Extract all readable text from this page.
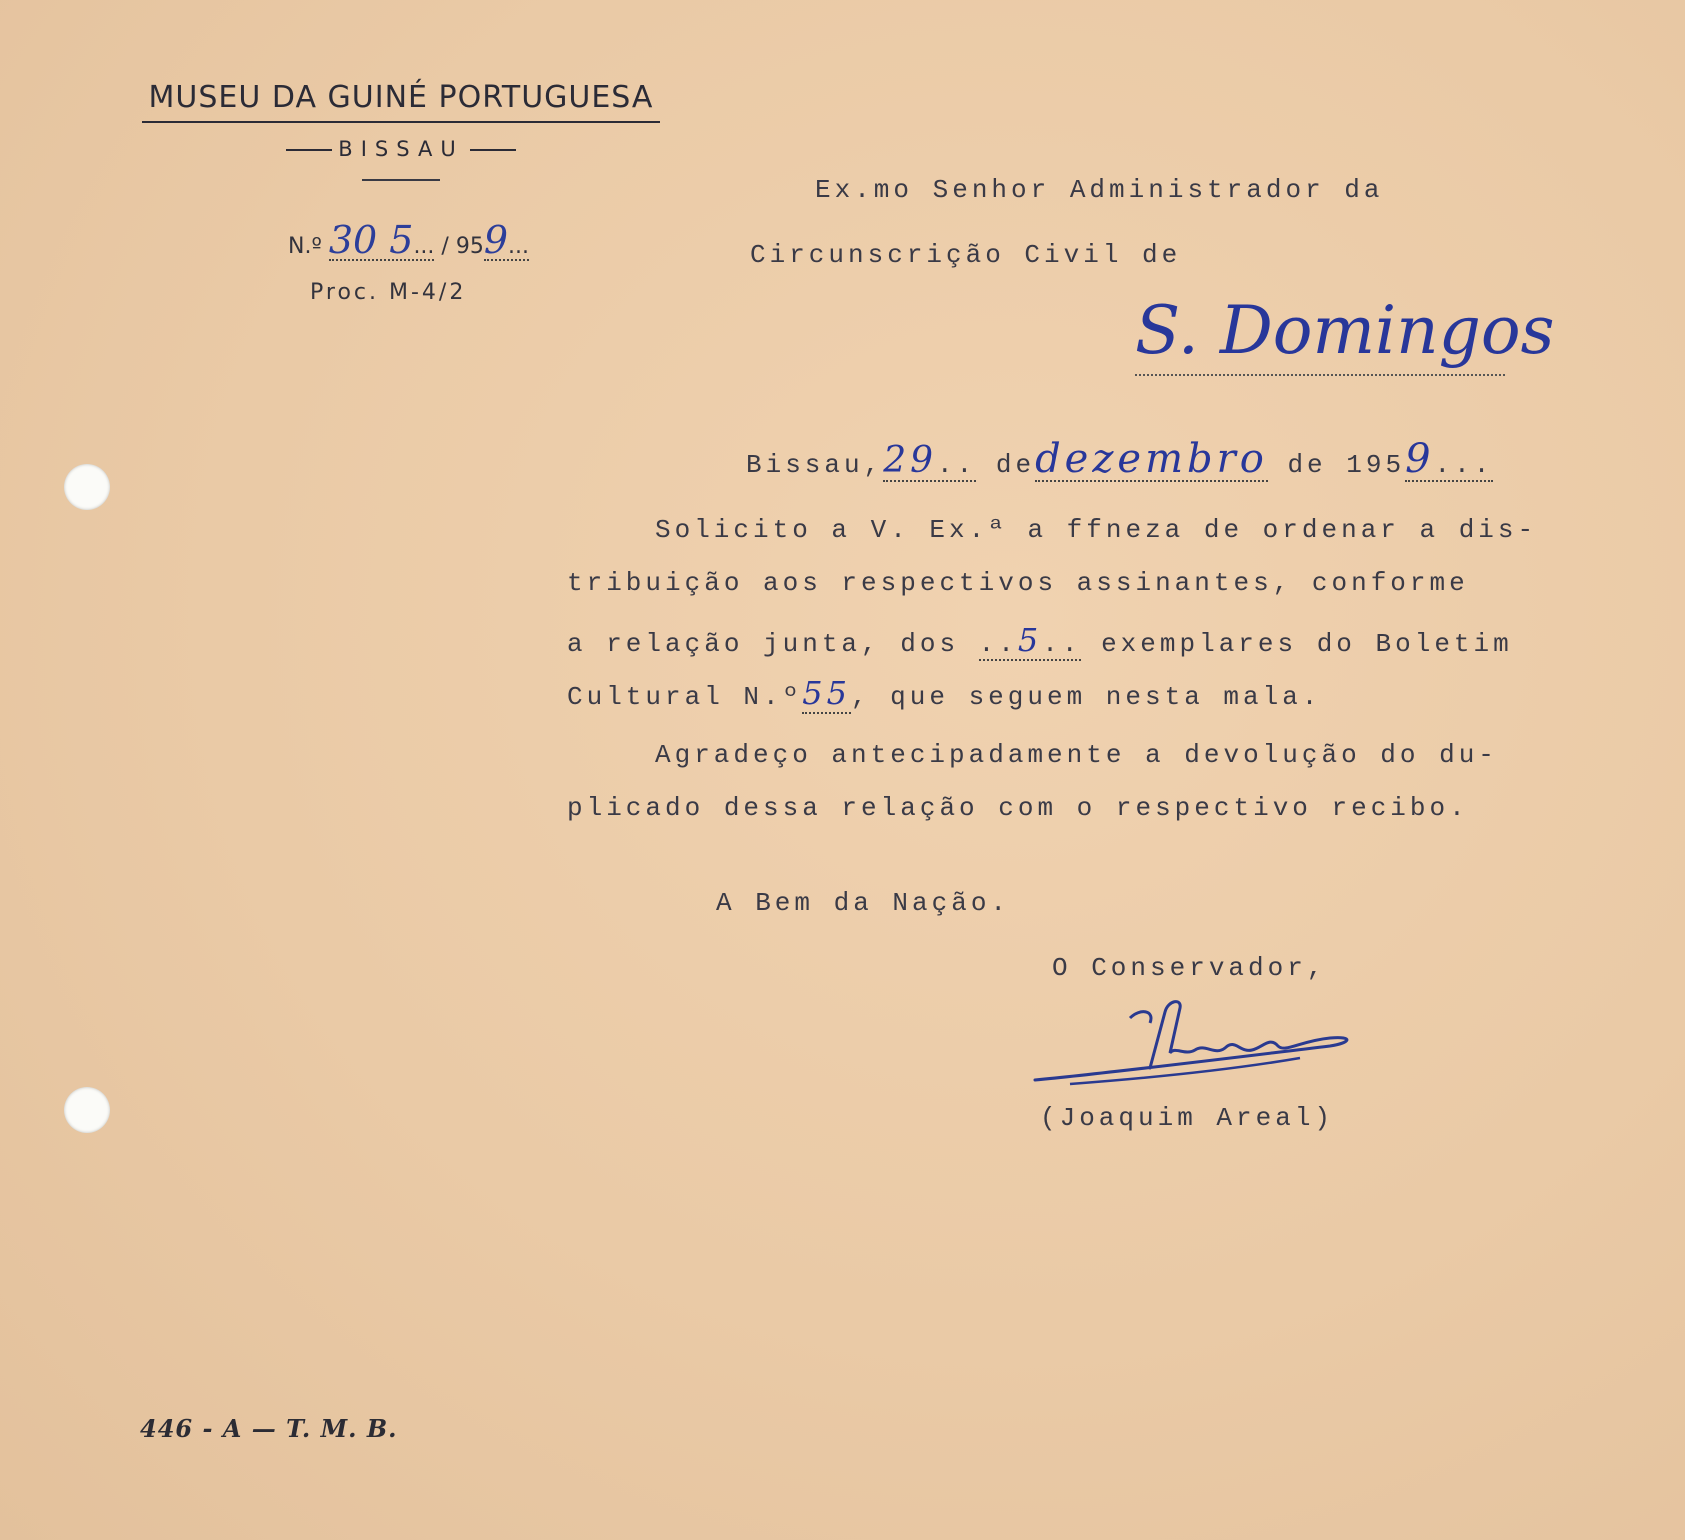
MUSEU DA GUINÉ PORTUGUESA
BISSAU
N.º 30 5... / 959...
Proc. M-4/2
Ex.mo Senhor Administrador da
Circunscrição Civil de
S. Domingos
Bissau,29.. dedezembro de 1959...
Solicito a V. Ex.ª a ffneza de ordenar a dis-
tribuição aos respectivos assinantes, conforme
a relação junta, dos ..5.. exemplares do Boletim
Cultural N.º55, que seguem nesta mala.
Agradeço antecipadamente a devolução do du-
plicado dessa relação com o respectivo recibo.
A Bem da Nação.
O Conservador,
(Joaquim Areal)
446 - A — T. M. B.
